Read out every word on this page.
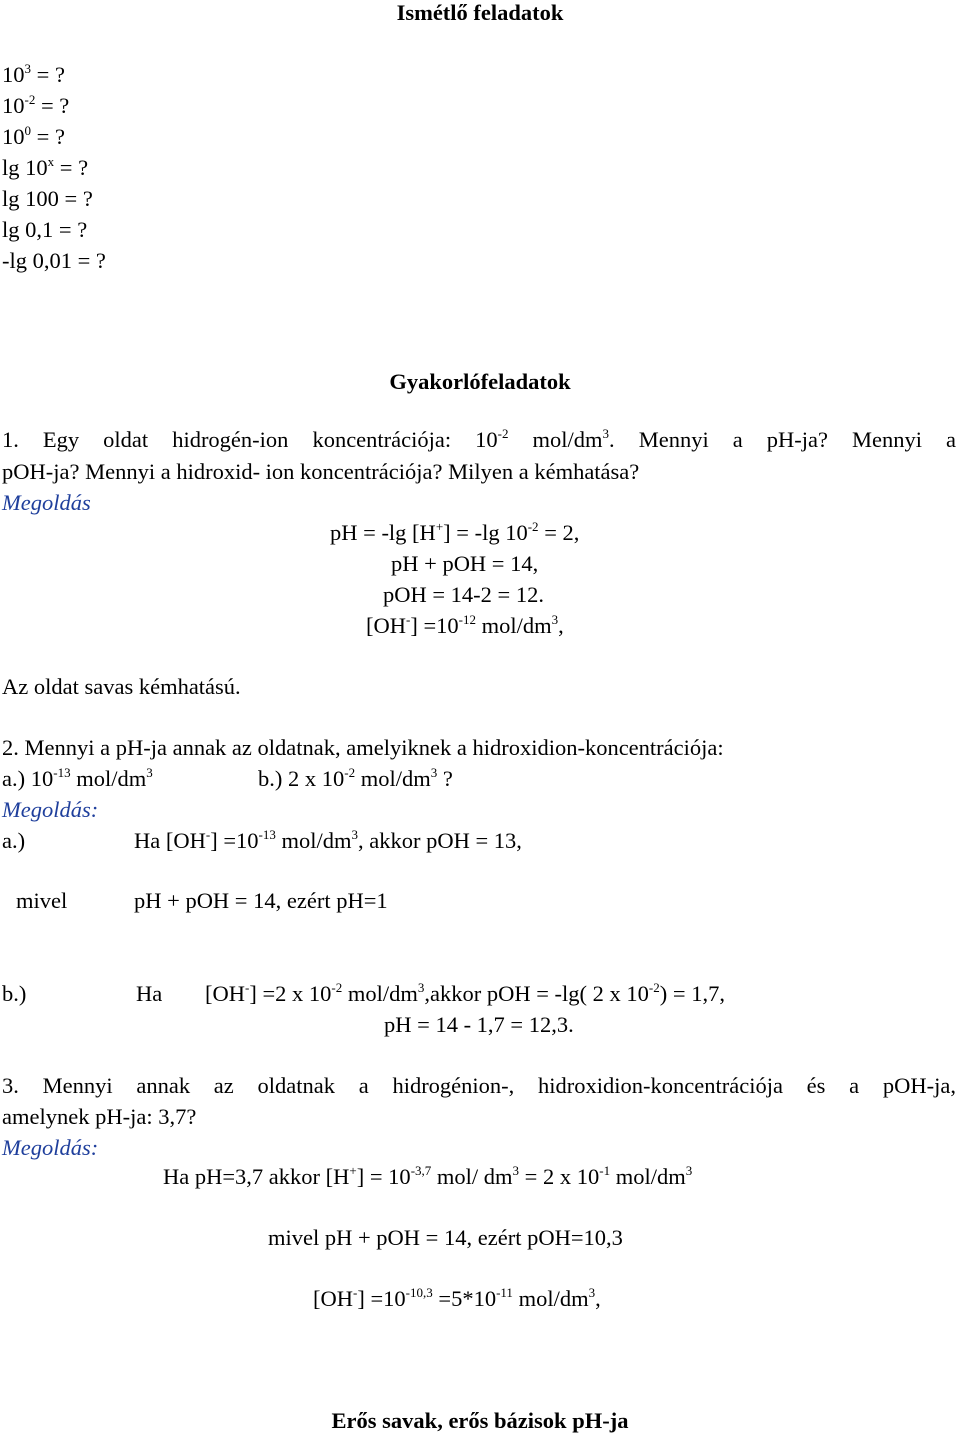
Ismétlő feladatok
$10^3$ = ?
$10^{-2}$ = ?
$10^0$ = ?
$\lg 10^x$ = ?
lg 100 = ?
lg 0,1 = ?
-lg 0,01 = ?
Gyakorlófeladatok
1. Egy oldat hidrogén-ion koncentrációja: $10^{-2}$ mol/$dm^3$. Mennyi a pH-ja? Mennyi a
pOH-ja? Mennyi a hidroxid- ion koncentrációja? Milyen a kémhatása?
Megoldás
pH = -lg [H+] = -lg $10^{-2} = 2$,
pH + pOH = 14,
pOH = 14-2 = 12.
$[OH^-] =10^{-12}$ mol/$dm^3$,
Az oldat savas kémhatású.
2. Mennyi a pH-ja annak az oldatnak, amelyiknek a hidroxidion-koncentrációja:
a.) $10^{-13}$ mol/$dm^3$	b.) 2 x $10^{-2}$ mol/$dm^3$ ?
Megoldás:
a.)	Ha $[OH^-] =10^{-13}$ mol/$dm^3$, akkor pOH = 13,
mivel	pH + pOH = 14, ezért pH=1
b.)	Ha [OH-] =2 x $10^{-2}$ mol/$dm^3,akkor$ pOH = -lg( 2 x $10^{-2}) = 1,7$,
pH = 14 - 1,7 = 12,3.
3. Mennyi annak az oldatnak a hidrogénion-, hidroxidion-koncentrációja és a pOH-ja,
amelynek pH-ja: 3,7?
Megoldás:
Ha pH=3,7 akkor $[H^+] = 10^{-3,7}$ mol/ $dm^3 = 2$ x $10^{-1}$ mol/$dm^3$
mivel pH + pOH = 14, ezért pOH=10,3
$[OH^-] =10^{-10,3} =5*10^{-11}$ mol/$dm^3$,
Erős savak, erős bázisok pH-ja
